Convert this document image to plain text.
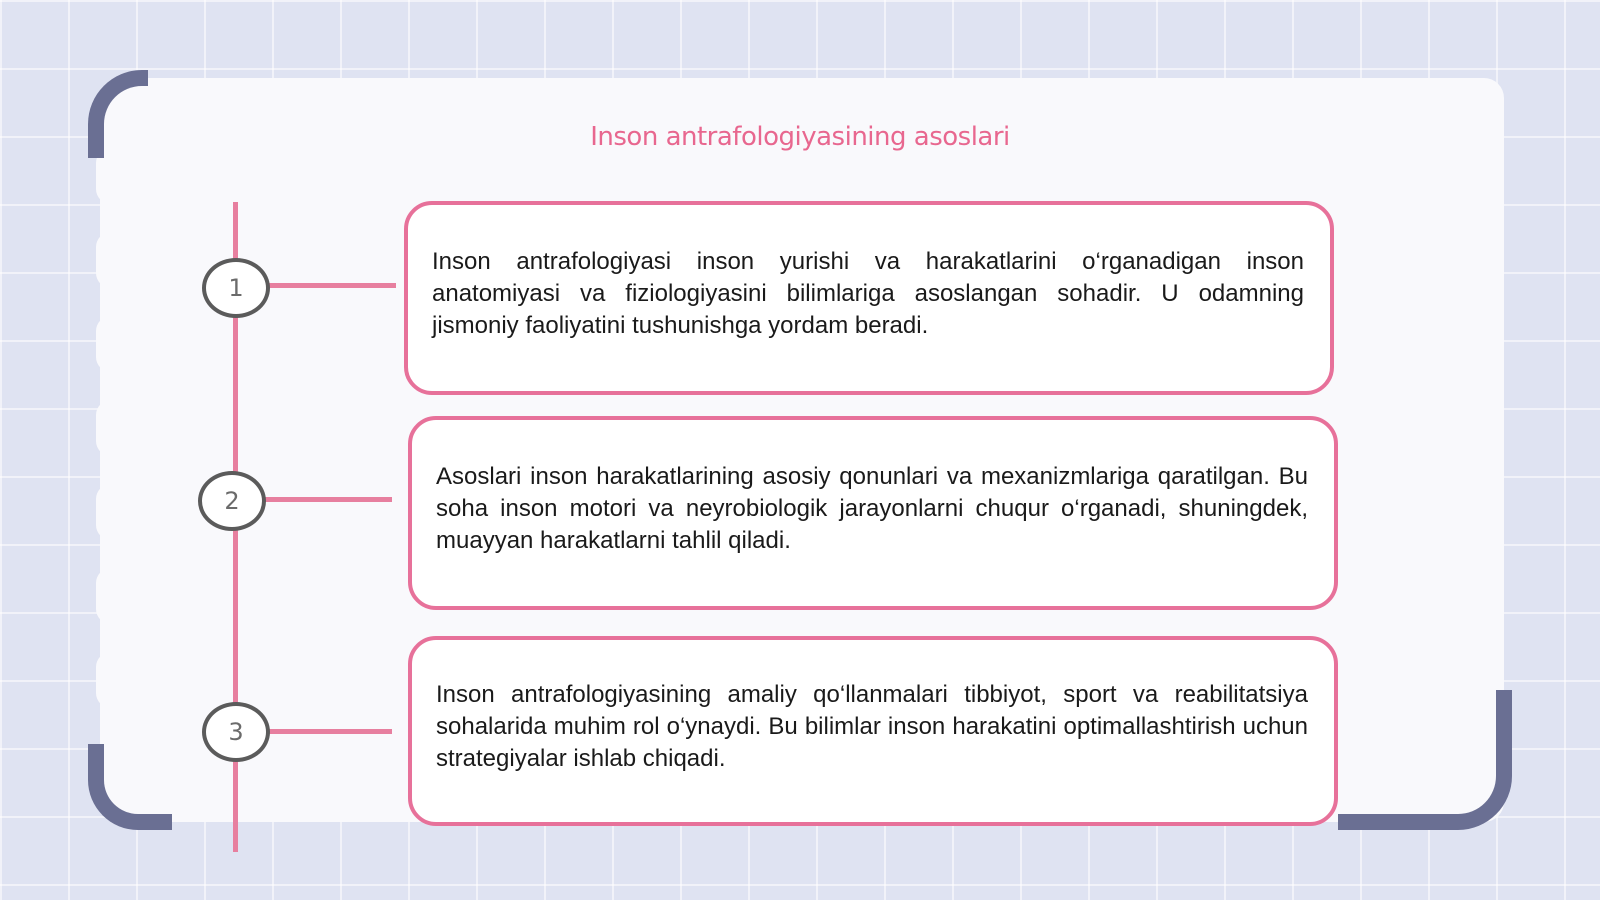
Inson antrafologiyasining asoslari
1
2
3
Inson antrafologiyasi inson yurishi va harakatlarini o‘rganadigan inson anatomiyasi va fiziologiyasini bilimlariga asoslangan sohadir. U odamning jismoniy faoliyatini tushunishga yordam beradi.
Asoslari inson harakatlarining asosiy qonunlari va mexanizmlariga qaratilgan. Bu soha inson motori va neyrobiologik jarayonlarni chuqur o‘rganadi, shuningdek, muayyan harakatlarni tahlil qiladi.
Inson antrafologiyasining amaliy qo‘llanmalari tibbiyot, sport va reabilitatsiya sohalarida muhim rol o‘ynaydi. Bu bilimlar inson harakatini optimallashtirish uchun strategiyalar ishlab chiqadi.
